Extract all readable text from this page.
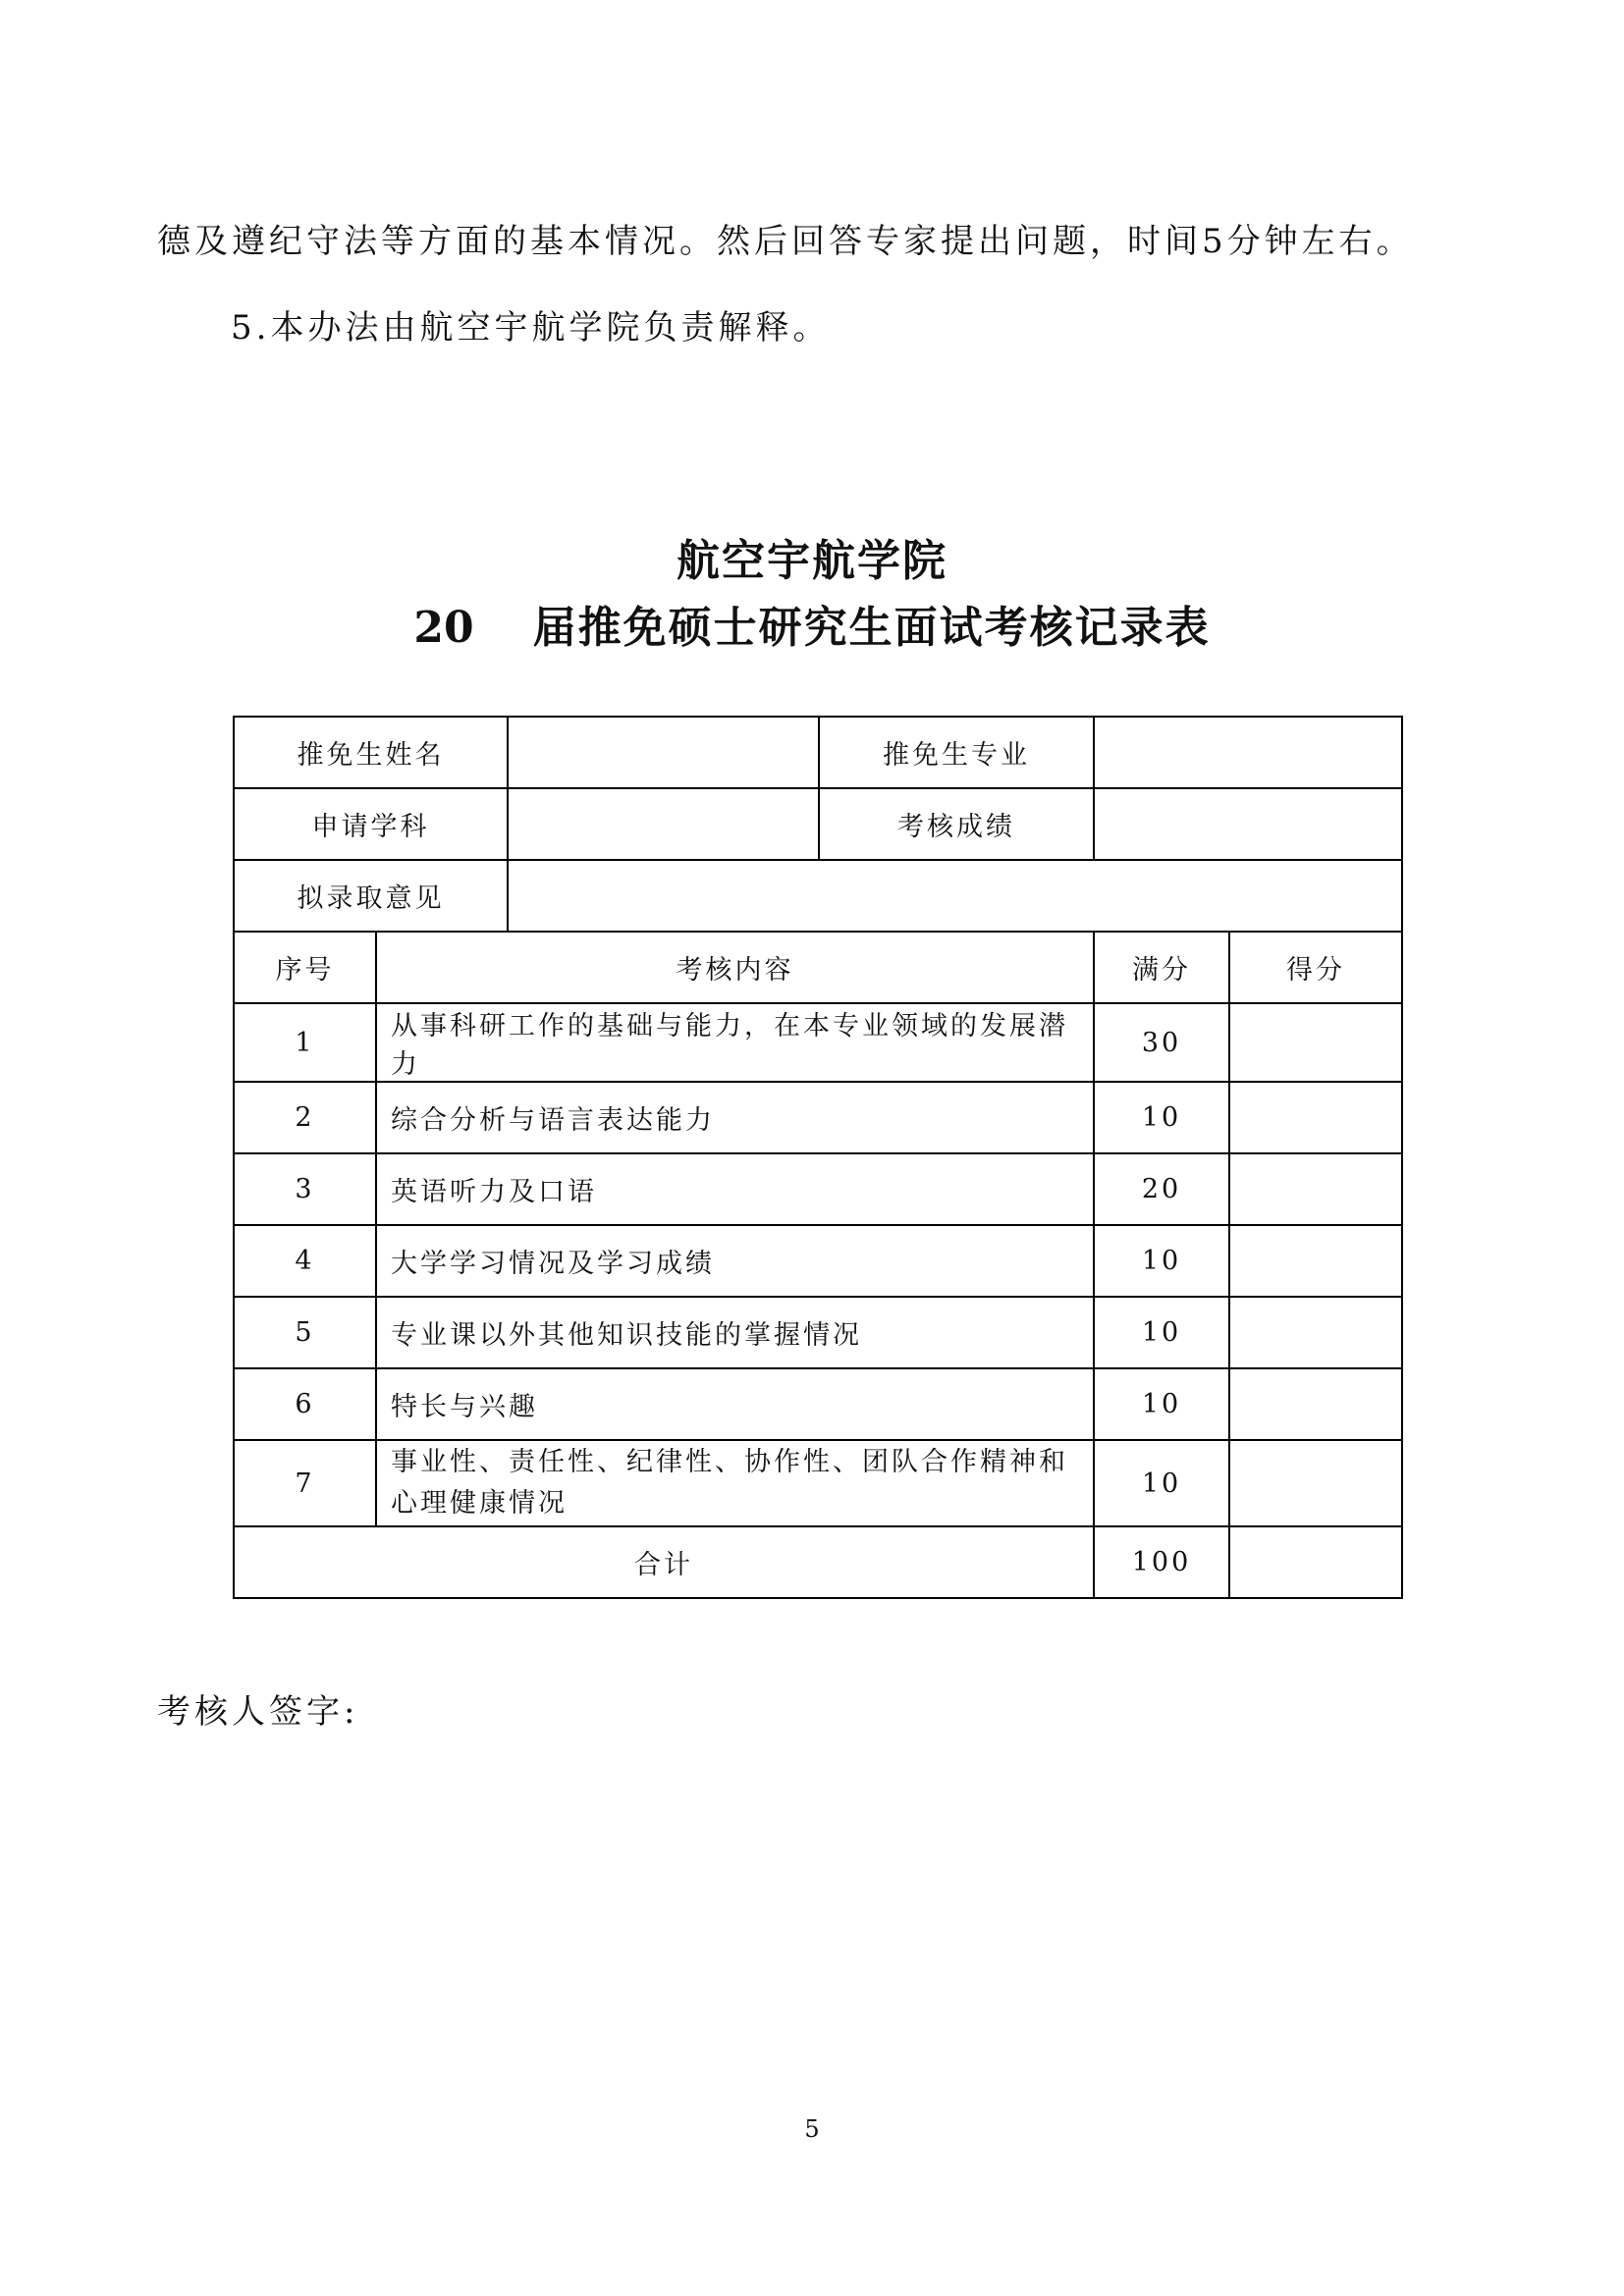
德及遵纪守法等方面的基本情况。然后回答专家提出问题，时间5分钟左右。
5.本办法由航空宇航学院负责解释。
航空宇航学院
20 届推免硕士研究生面试考核记录表
推免生姓名			推免生专业		
申请学科			考核成绩		
拟录取意见					
序号	考核内容			满分	得分
1	从事科研工作的基础与能力，在本专业领域的发展潜力			30	
2	综合分析与语言表达能力			10	
3	英语听力及口语			20	
4	大学学习情况及学习成绩			10	
5	专业课以外其他知识技能的掌握情况			10	
6	特长与兴趣			10	
7	事业性、责任性、纪律性、协作性、团队合作精神和心理健康情况			10	
合计				100	
考核人签字:
5
